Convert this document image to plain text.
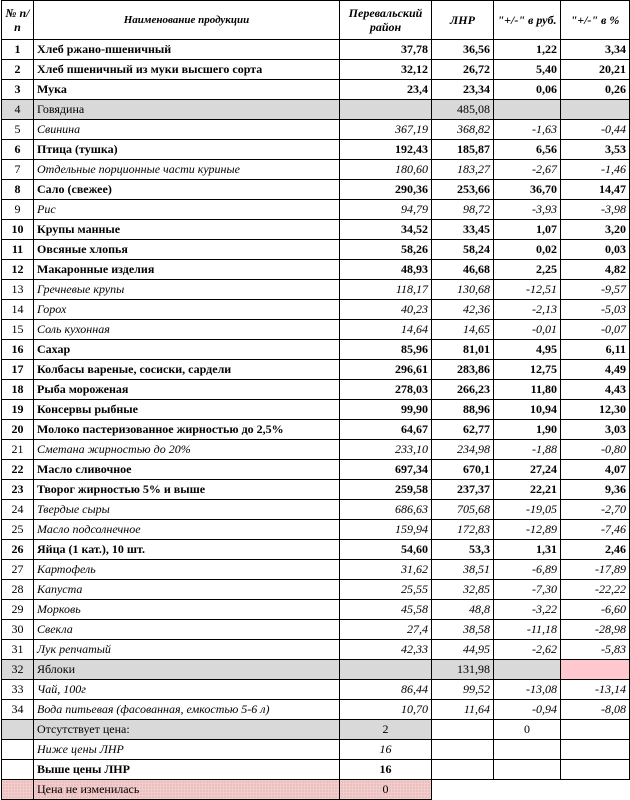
№ п/п	Наименование продукции	Перевальский район	ЛНР	"+/-" в руб.	"+/-" в %
1	Хлеб ржано-пшеничный	37,78	36,56	1,22	3,34
2	Хлеб пшеничный из муки высшего сорта	32,12	26,72	5,40	20,21
3	Мука	23,4	23,34	0,06	0,26
4	Говядина		485,08		
5	Свинина	367,19	368,82	-1,63	-0,44
6	Птица (тушка)	192,43	185,87	6,56	3,53
7	Отдельные порционные части куриные	180,60	183,27	-2,67	-1,46
8	Сало (свежее)	290,36	253,66	36,70	14,47
9	Рис	94,79	98,72	-3,93	-3,98
10	Крупы манные	34,52	33,45	1,07	3,20
11	Овсяные хлопья	58,26	58,24	0,02	0,03
12	Макаронные изделия	48,93	46,68	2,25	4,82
13	Гречневые крупы	118,17	130,68	-12,51	-9,57
14	Горох	40,23	42,36	-2,13	-5,03
15	Соль кухонная	14,64	14,65	-0,01	-0,07
16	Сахар	85,96	81,01	4,95	6,11
17	Колбасы вареные, сосиски, сардели	296,61	283,86	12,75	4,49
18	Рыба мороженая	278,03	266,23	11,80	4,43
19	Консервы рыбные	99,90	88,96	10,94	12,30
20	Молоко пастеризованное жирностью до 2,5%	64,67	62,77	1,90	3,03
21	Сметана жирностью до 20%	233,10	234,98	-1,88	-0,80
22	Масло сливочное	697,34	670,1	27,24	4,07
23	Творог жирностью 5% и выше	259,58	237,37	22,21	9,36
24	Твердые сыры	686,63	705,68	-19,05	-2,70
25	Масло подсолнечное	159,94	172,83	-12,89	-7,46
26	Яйца (1 кат.), 10 шт.	54,60	53,3	1,31	2,46
27	Картофель	31,62	38,51	-6,89	-17,89
28	Капуста	25,55	32,85	-7,30	-22,22
29	Морковь	45,58	48,8	-3,22	-6,60
30	Свекла	27,4	38,58	-11,18	-28,98
31	Лук репчатый	42,33	44,95	-2,62	-5,83
32	Яблоки		131,98		
33	Чай, 100г	86,44	99,52	-13,08	-13,14
34	Вода питьевая (фасованная, емкостью 5-6 л)	10,70	11,64	-0,94	-8,08
	Отсутствует цена:	2		0	
	Ниже цены ЛНР	16			
	Выше цены ЛНР	16			
	Цена не изменилась	0			
